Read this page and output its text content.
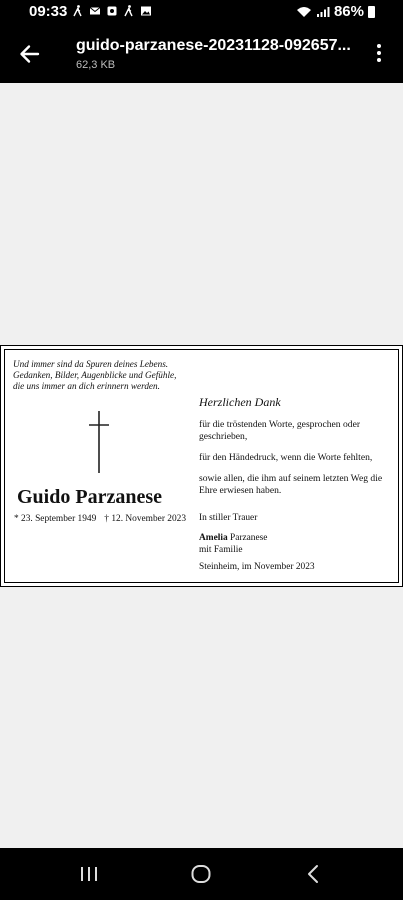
09:33	86%
guido-parzanese-20231128-092657...
62,3 KB
Und immer sind da Spuren deines Lebens.
Gedanken, Bilder, Augenblicke und Gefühle,
die uns immer an dich erinnern werden.
Guido Parzanese
* 23. September 1949 † 12. November 2023
Herzlichen Dank

für die tröstenden Worte, gesprochen oder geschrieben,

für den Händedruck, wenn die Worte fehlten,

sowie allen, die ihm auf seinem letzten Weg die Ehre erwiesen haben.

In stiller Trauer
Amelia Parzanese
mit Familie
Steinheim, im November 2023
